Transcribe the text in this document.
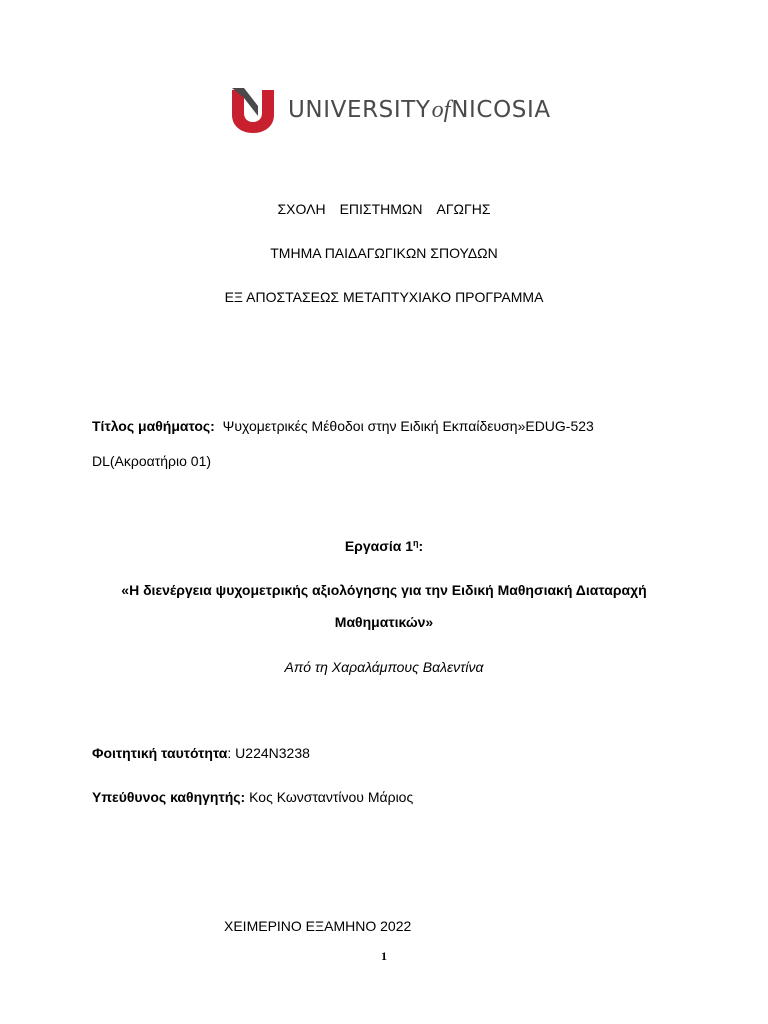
UNIVERSITYofNICOSIA
ΣΧΟΛΗ ΕΠΙΣΤΗΜΩΝ ΑΓΩΓΗΣ
ΤΜΗΜΑ ΠΑΙΔΑΓΩΓΙΚΩΝ ΣΠΟΥΔΩΝ
ΕΞ ΑΠΟΣΤΑΣΕΩΣ ΜΕΤΑΠΤΥΧΙΑΚΟ ΠΡΟΓΡΑΜΜΑ
Τίτλος μαθήματος: Ψυχομετρικές Μέθοδοι στην Ειδική Εκπαίδευση»EDUG-523
DL(Ακροατήριο 01)
Εργασία $1^\eta$:
«Η διενέργεια ψυχομετρικής αξιολόγησης για την Ειδική Μαθησιακή Διαταραχή
Μαθηματικών»
Από τη Χαραλάμπους Βαλεντίνα
Φοιτητική ταυτότητα: U224N3238
Υπεύθυνος καθηγητής: Κος Κωνσταντίνου Μάριος
ΧΕΙΜΕΡΙΝΟ ΕΞΑΜΗΝΟ 2022
1
